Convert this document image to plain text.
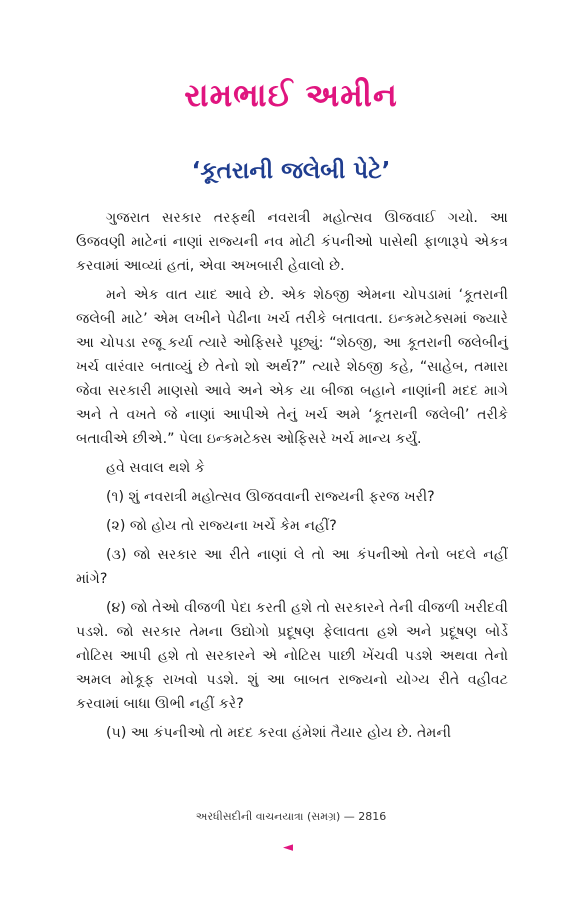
રામભાઈ અમીન
‘કૂતરાની જલેબી પેટે’

ગુજરાત સરકાર તરફથી નવરાત્રી મહોત્સવ ઊજવાઈ ગયો. આ ઉજવણી માટેનાં નાણાં રાજ્યની નવ મોટી કંપનીઓ પાસેથી ફાળારૂપે એકત્ર કરવામાં આવ્યાં હતાં, એવા અખબારી હેવાલો છે.

મને એક વાત યાદ આવે છે. એક શેઠજી એમના ચોપડામાં ‘કૂતરાની જલેબી માટે’ એમ લખીને પેઢીના ખર્ચ તરીકે બતાવતા. ઇન્કમટેક્સમાં જ્યારે આ ચોપડા રજૂ કર્યા ત્યારે ઓફિસરે પૂછ્યું: “શેઠજી, આ કૂતરાની જલેબીનું ખર્ચ વારંવાર બતાવ્યું છે તેનો શો અર્થ?” ત્યારે શેઠજી કહે, “સાહેબ, તમારા જેવા સરકારી માણસો આવે અને એક યા બીજા બહાને નાણાંની મદદ માગે અને તે વખતે જે નાણાં આપીએ તેનું ખર્ચ અમે ‘કૂતરાની જલેબી’ તરીકે બતાવીએ છીએ.” પેલા ઇન્કમટેક્સ ઓફિસરે ખર્ચ માન્ય કર્યું.

હવે સવાલ થશે કે

(૧) શું નવરાત્રી મહોત્સવ ઊજવવાની રાજ્યની ફરજ ખરી?

(૨) જો હોય તો રાજ્યના ખર્ચે કેમ નહીં?

(૩) જો સરકાર આ રીતે નાણાં લે તો આ કંપનીઓ તેનો બદલે નહીં માંગે?

(૪) જો તેઓ વીજળી પેદા કરતી હશે તો સરકારને તેની વીજળી ખરીદવી પડશે. જો સરકાર તેમના ઉદ્યોગો પ્રદૂષણ ફેલાવતા હશે અને પ્રદૂષણ બોર્ડે નોટિસ આપી હશે તો સરકારને એ નોટિસ પાછી ખેંચવી પડશે અથવા તેનો અમલ મોકૂફ રાખવો પડશે. શું આ બાબત રાજ્યનો યોગ્ય રીતે વહીવટ કરવામાં બાધા ઊભી નહીં કરે?

(૫) આ કંપનીઓ તો મદદ કરવા હંમેશાં તૈયાર હોય છે. તેમની

અરધીસદીની વાચનયાત્રા (સમગ્ર) — 2816
◄
